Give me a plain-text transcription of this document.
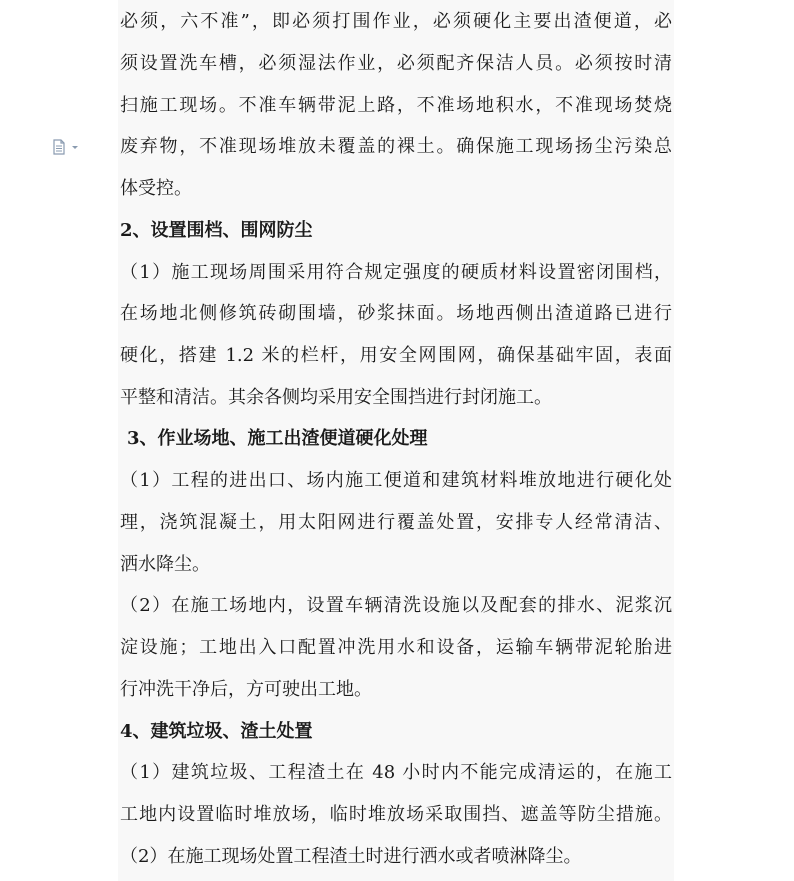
必须，六不准”，即必须打围作业，必须硬化主要出渣便道，必
须设置洗车槽，必须湿法作业，必须配齐保洁人员。必须按时清
扫施工现场。不准车辆带泥上路，不准场地积水，不准现场焚烧
废弃物，不准现场堆放未覆盖的裸土。确保施工现场扬尘污染总
体受控。
2、设置围档、围网防尘
（1）施工现场周围采用符合规定强度的硬质材料设置密闭围档，
在场地北侧修筑砖砌围墙，砂浆抹面。场地西侧出渣道路已进行
硬化，搭建 1.2 米的栏杆，用安全网围网，确保基础牢固，表面
平整和清洁。其余各侧均采用安全围挡进行封闭施工。
3、作业场地、施工出渣便道硬化处理
（1）工程的进出口、场内施工便道和建筑材料堆放地进行硬化处
理，浇筑混凝土，用太阳网进行覆盖处置，安排专人经常清洁、
洒水降尘。
（2）在施工场地内，设置车辆清洗设施以及配套的排水、泥浆沉
淀设施；工地出入口配置冲洗用水和设备，运输车辆带泥轮胎进
行冲洗干净后，方可驶出工地。
4、建筑垃圾、渣土处置
（1）建筑垃圾、工程渣土在 48 小时内不能完成清运的，在施工
工地内设置临时堆放场，临时堆放场采取围挡、遮盖等防尘措施。
（2）在施工现场处置工程渣土时进行洒水或者喷淋降尘。
